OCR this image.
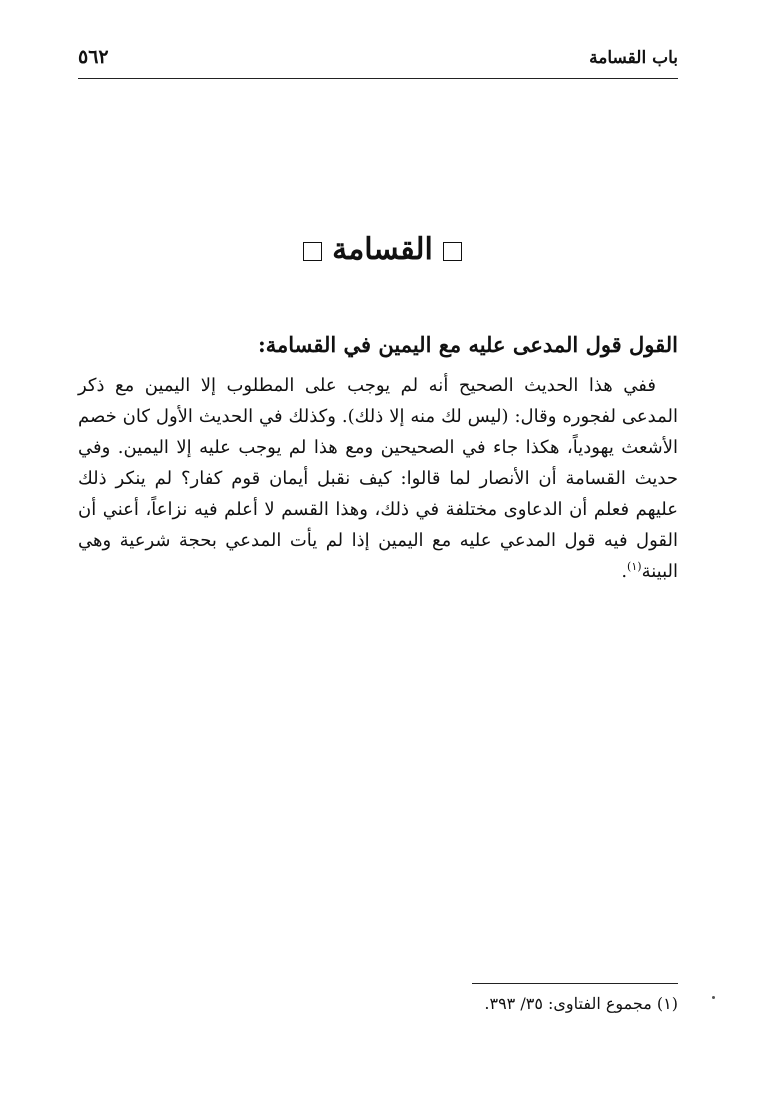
باب القسامة
٥٦٢
القسامة
القول قول المدعى عليه مع اليمين في القسامة:

ففي هذا الحديث الصحيح أنه لم يوجب على المطلوب إلا اليمين مع ذكر المدعى لفجوره وقال: (ليس لك منه إلا ذلك). وكذلك في الحديث الأول كان خصم الأشعث يهودياً، هكذا جاء في الصحيحين ومع هذا لم يوجب عليه إلا اليمين. وفي حديث القسامة أن الأنصار لما قالوا: كيف نقبل أيمان قوم كفار؟ لم ينكر ذلك عليهم فعلم أن الدعاوى مختلفة في ذلك، وهذا القسم لا أعلم فيه نزاعاً، أعني أن القول فيه قول المدعي عليه مع اليمين إذا لم يأت المدعي بحجة شرعية وهي البينة$^{(١)}$.

(١) مجموع الفتاوى: ٣٥/ ٣٩٣.
